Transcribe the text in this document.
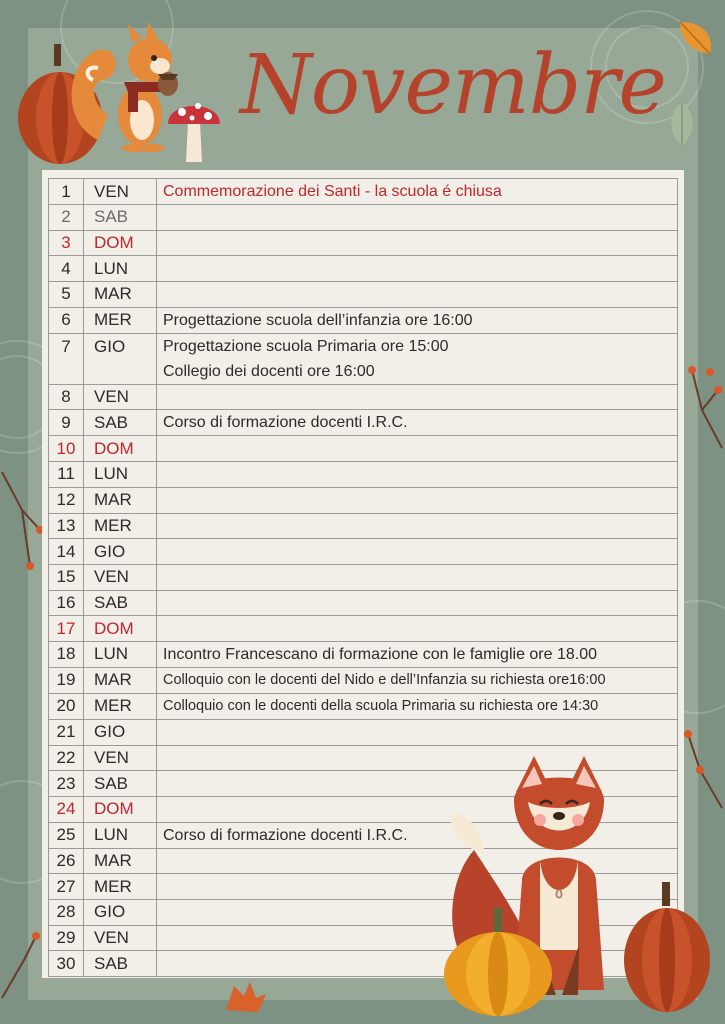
Novembre
1	VEN	Commemorazione dei Santi - la scuola é chiusa

2	SAB	
3	DOM	
4	LUN	
5	MAR	
6	MER	Progettazione scuola dell’infanzia ore 16:00

7	GIO	Progettazione scuola Primaria ore 15:00
Collegio dei docenti ore 16:00

8	VEN	
9	SAB	Corso di formazione docenti I.R.C.

10	DOM	
11	LUN	
12	MAR	
13	MER	
14	GIO	
15	VEN	
16	SAB	
17	DOM	
18	LUN	Incontro Francescano di formazione con le famiglie ore 18.00

19	MAR	Colloquio con le docenti del Nido e dell’Infanzia su richiesta ore16:00

20	MER	Colloquio con le docenti della scuola Primaria su richiesta ore 14:30

21	GIO	
22	VEN	
23	SAB	
24	DOM	
25	LUN	Corso di formazione docenti I.R.C.

26	MAR	
27	MER	
28	GIO	
29	VEN	
30	SAB	
